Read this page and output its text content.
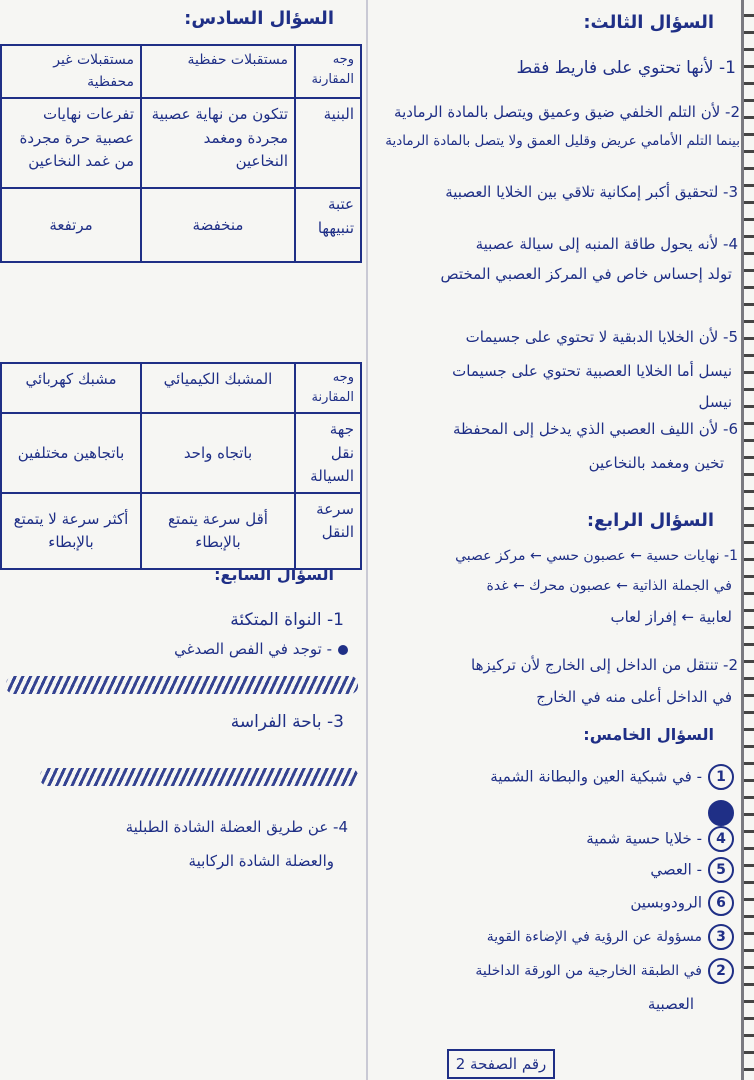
السؤال الثالث:
1- لأنها تحتوي على فاريط فقط
2- لأن التلم الخلفي ضيق وعميق ويتصل بالمادة الرمادية
بينما التلم الأمامي عريض وقليل العمق ولا يتصل بالمادة الرمادية
3- لتحقيق أكبر إمكانية تلاقي بين الخلايا العصبية
4- لأنه يحول طاقة المنبه إلى سيالة عصبية
تولد إحساس خاص في المركز العصبي المختص
5- لأن الخلايا الدبقية لا تحتوي على جسيمات
نيسل أما الخلايا العصبية تحتوي على جسيمات
نيسل
6- لأن الليف العصبي الذي يدخل إلى المحفظة
تخين ومغمد بالنخاعين
السؤال الرابع:
1- نهايات حسية ← عصبون حسي ← مركز عصبي
في الجملة الذاتية ← عصبون محرك ← غدة
لعابية ← إفراز لعاب
2- تنتقل من الداخل إلى الخارج لأن تركيزها
في الداخل أعلى منه في الخارج
السؤال الخامس:
1- في شبكية العين والبطانة الشمية
4- خلايا حسية شمية
5- العصي
6الرودوبسين
3مسؤولة عن الرؤية في الإضاءة القوية
2في الطبقة الخارجية من الورقة الداخلية
العصبية
رقم الصفحة 2
السؤال السادس:
وجه المقارنة	مستقبلات حفظية	مستقبلات غير محفظية
البنية	تتكون من نهاية عصبية مجردة ومغمد النخاعين	تفرعات نهايات عصبية حرة مجردة من غمد النخاعين
عتبة تنبيهها	منخفضة	مرتفعة
وجه المقارنة	المشبك الكيميائي	مشبك كهربائي
جهة نقل السيالة	باتجاه واحد	باتجاهين مختلفين
سرعة النقل	أقل سرعة يتمتع بالإبطاء	أكثر سرعة لا يتمتع بالإبطاء
السؤال السابع:
1- النواة المتكئة
- توجد في الفص الصدغي
3- باحة الفراسة
4- عن طريق العضلة الشادة الطبلية
والعضلة الشادة الركابية
